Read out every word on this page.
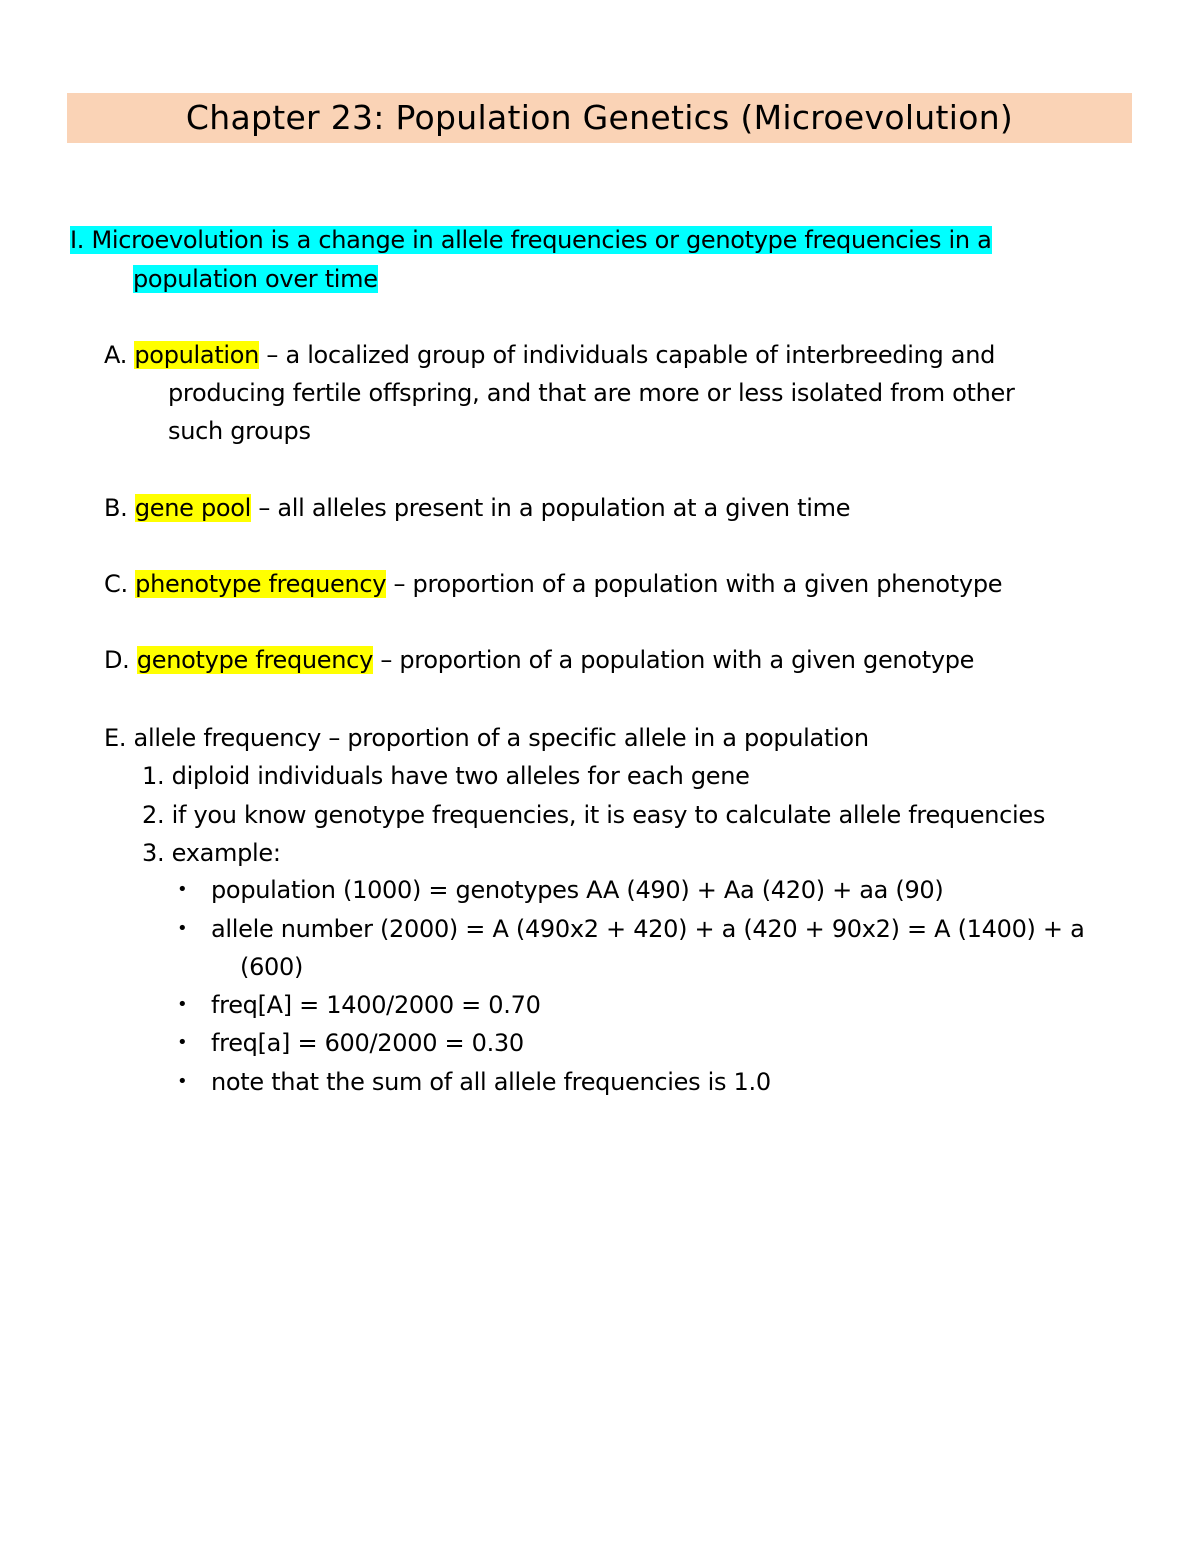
Chapter 23: Population Genetics (Microevolution)
I. Microevolution is a change in allele frequencies or genotype frequencies in a
population over time
A. population – a localized group of individuals capable of interbreeding and
producing fertile offspring, and that are more or less isolated from other
such groups
B. gene pool – all alleles present in a population at a given time
C. phenotype frequency – proportion of a population with a given phenotype
D. genotype frequency – proportion of a population with a given genotype
E. allele frequency – proportion of a specific allele in a population
1. diploid individuals have two alleles for each gene
2. if you know genotype frequencies, it is easy to calculate allele frequencies
3. example:
• population (1000) = genotypes AA (490) + Aa (420) + aa (90)
• allele number (2000) = A (490x2 + 420) + a (420 + 90x2) = A (1400) + a
(600)
• freq[A] = 1400/2000 = 0.70
• freq[a] = 600/2000 = 0.30
• note that the sum of all allele frequencies is 1.0
